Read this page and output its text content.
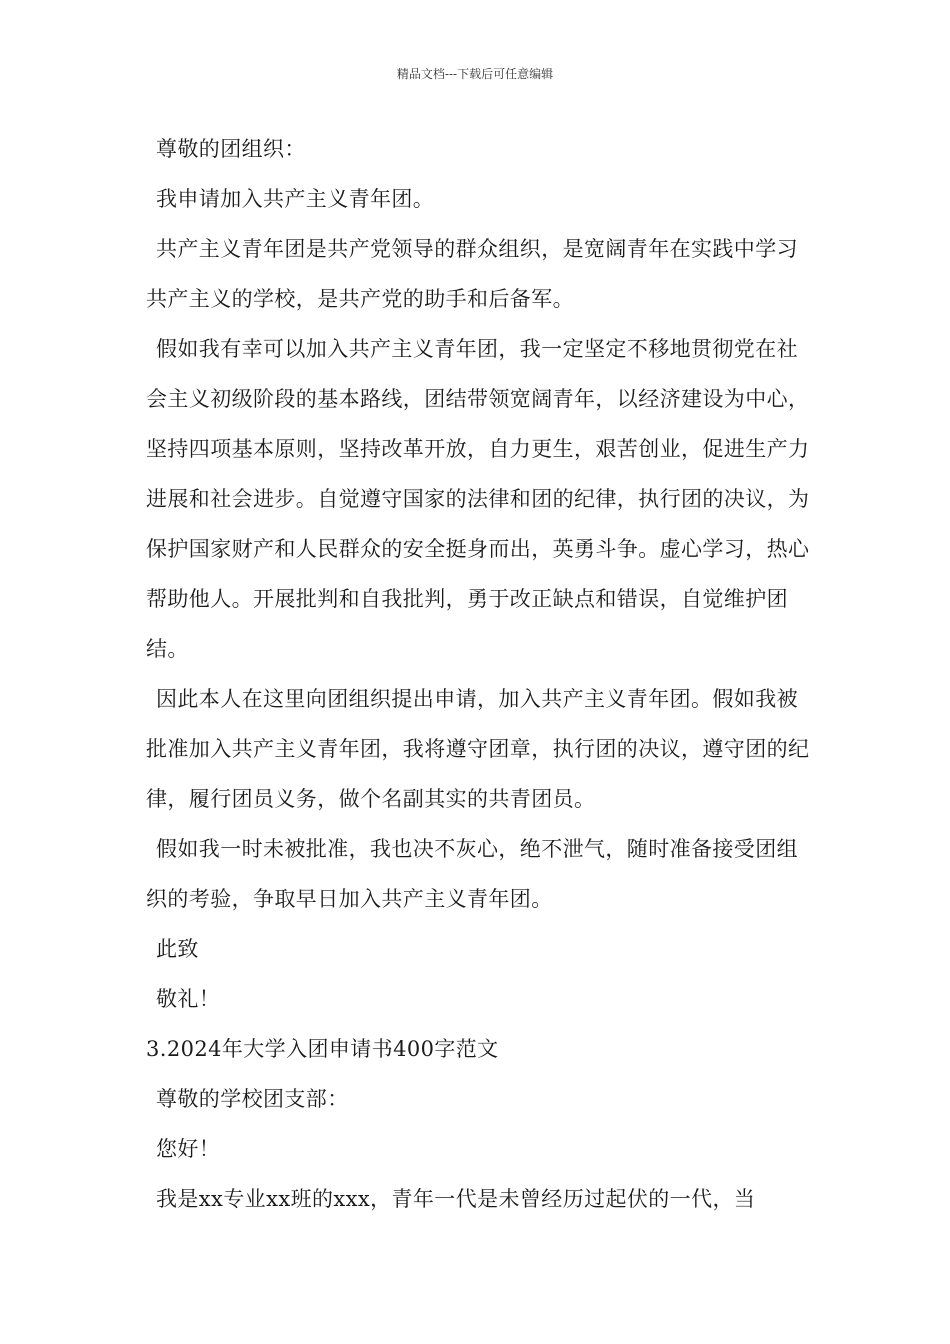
精品文档---下载后可任意编辑

尊敬的团组织：

我申请加入共产主义青年团。

共产主义青年团是共产党领导的群众组织，是宽阔青年在实践中学习共产主义的学校，是共产党的助手和后备军。

假如我有幸可以加入共产主义青年团，我一定坚定不移地贯彻党在社会主义初级阶段的基本路线，团结带领宽阔青年，以经济建设为中心，坚持四项基本原则，坚持改革开放，自力更生，艰苦创业，促进生产力进展和社会进步。自觉遵守国家的法律和团的纪律，执行团的决议，为保护国家财产和人民群众的安全挺身而出，英勇斗争。虚心学习，热心帮助他人。开展批判和自我批判，勇于改正缺点和错误，自觉维护团结。

因此本人在这里向团组织提出申请，加入共产主义青年团。假如我被批准加入共产主义青年团，我将遵守团章，执行团的决议，遵守团的纪律，履行团员义务，做个名副其实的共青团员。

假如我一时未被批准，我也决不灰心，绝不泄气，随时准备接受团组织的考验，争取早日加入共产主义青年团。

此致

敬礼！

3.2024年大学入团申请书400字范文

尊敬的学校团支部：

您好！

我是xx专业xx班的xxx，青年一代是未曾经历过起伏的一代，当
